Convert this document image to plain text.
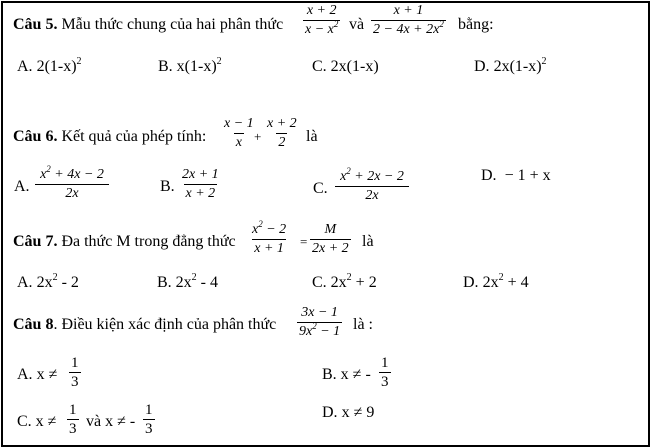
Câu 5. Mẫu thức chung của hai phân thức $\frac{x + 2}{x - x^2}$ và $\frac{x + 1}{2 - 4x + 2x^2}$ bằng:
A. $2(1-x)^2$	B. $x(1-x)^2$	C. 2x(1-x)	D. $2x(1-x)^2$
Câu 6. Kết quả của phép tính: $\frac{x - 1}{x}$
+ $\frac{x + 2}{2}$ là
A. $\frac{x^2 + 4x - 2}{2x}$	B. $\frac{2x + 1}{x + 2}$	C. $\frac{x^2 + 2x - 2}{2x}$	D. − 1 + x
Câu 7. Đa thức M trong đẳng thức $\frac{x^2 - 2}{x + 1} = \frac{M}{2x + 2}$ là
A. $2x^2 - 2$	B. $2x^2 - 4$	C. $2x^2 + 2$	D. $2x^2 + 4$
Câu 8. Điều kiện xác định của phân thức $\frac{3x - 1}{9x^2 - 1}$ là :
A. $x \ne \frac{1}{3}$	B. x ≠ - $\frac{1}{3}$
C. $x \ne \frac{1}{3}$ và x ≠ - $\frac{1}{3}$	D. x ≠ 9
